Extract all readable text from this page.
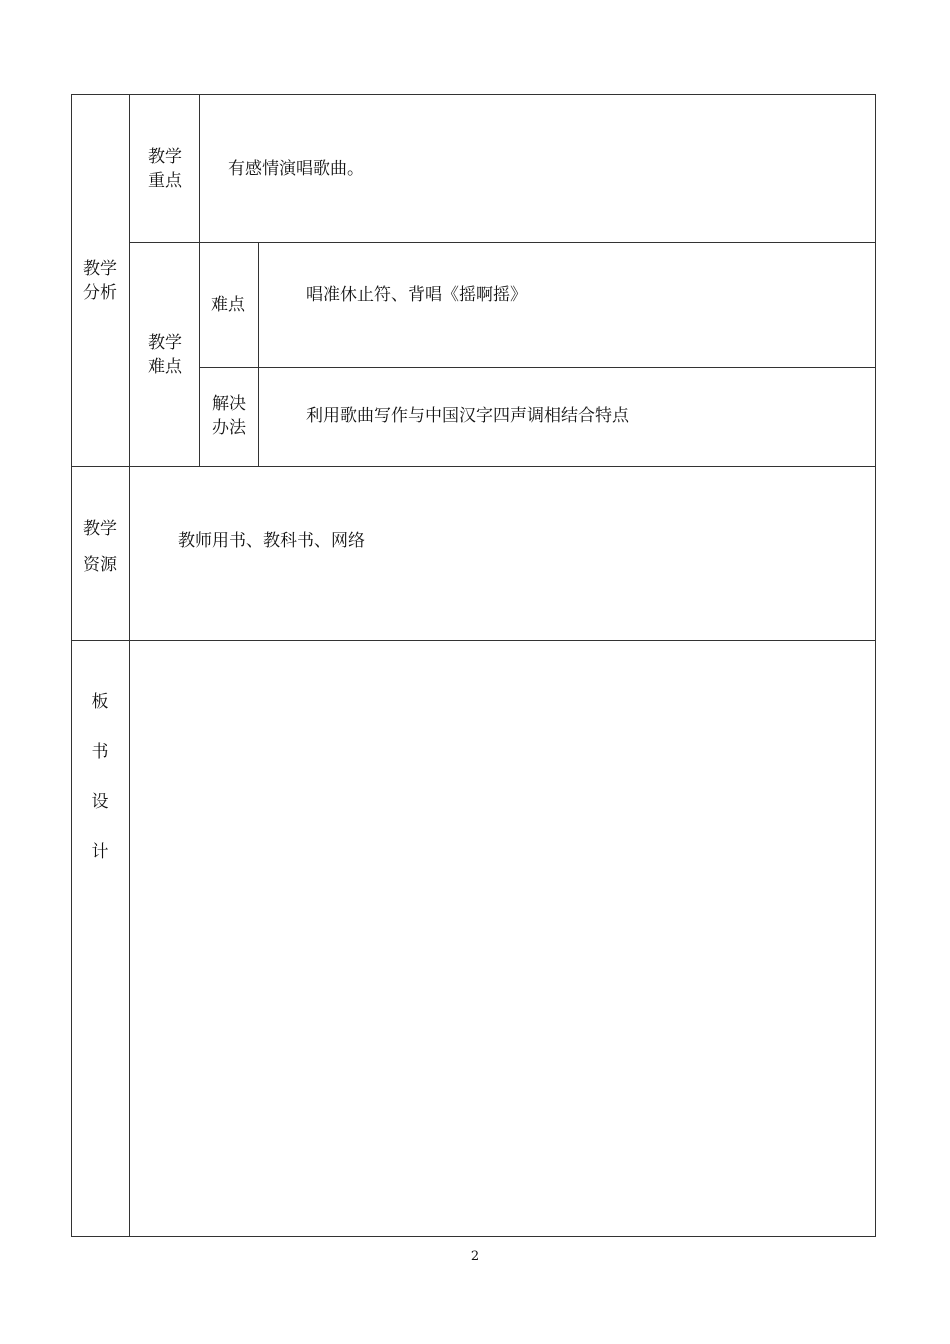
教学
分析
教学
重点
有感情演唱歌曲。
教学
难点
难点	唱准休止符、背唱《摇啊摇》
解决
办法
利用歌曲写作与中国汉字四声调相结合特点
教学
资源
教师用书、教科书、网络
板
书
设
计
2
